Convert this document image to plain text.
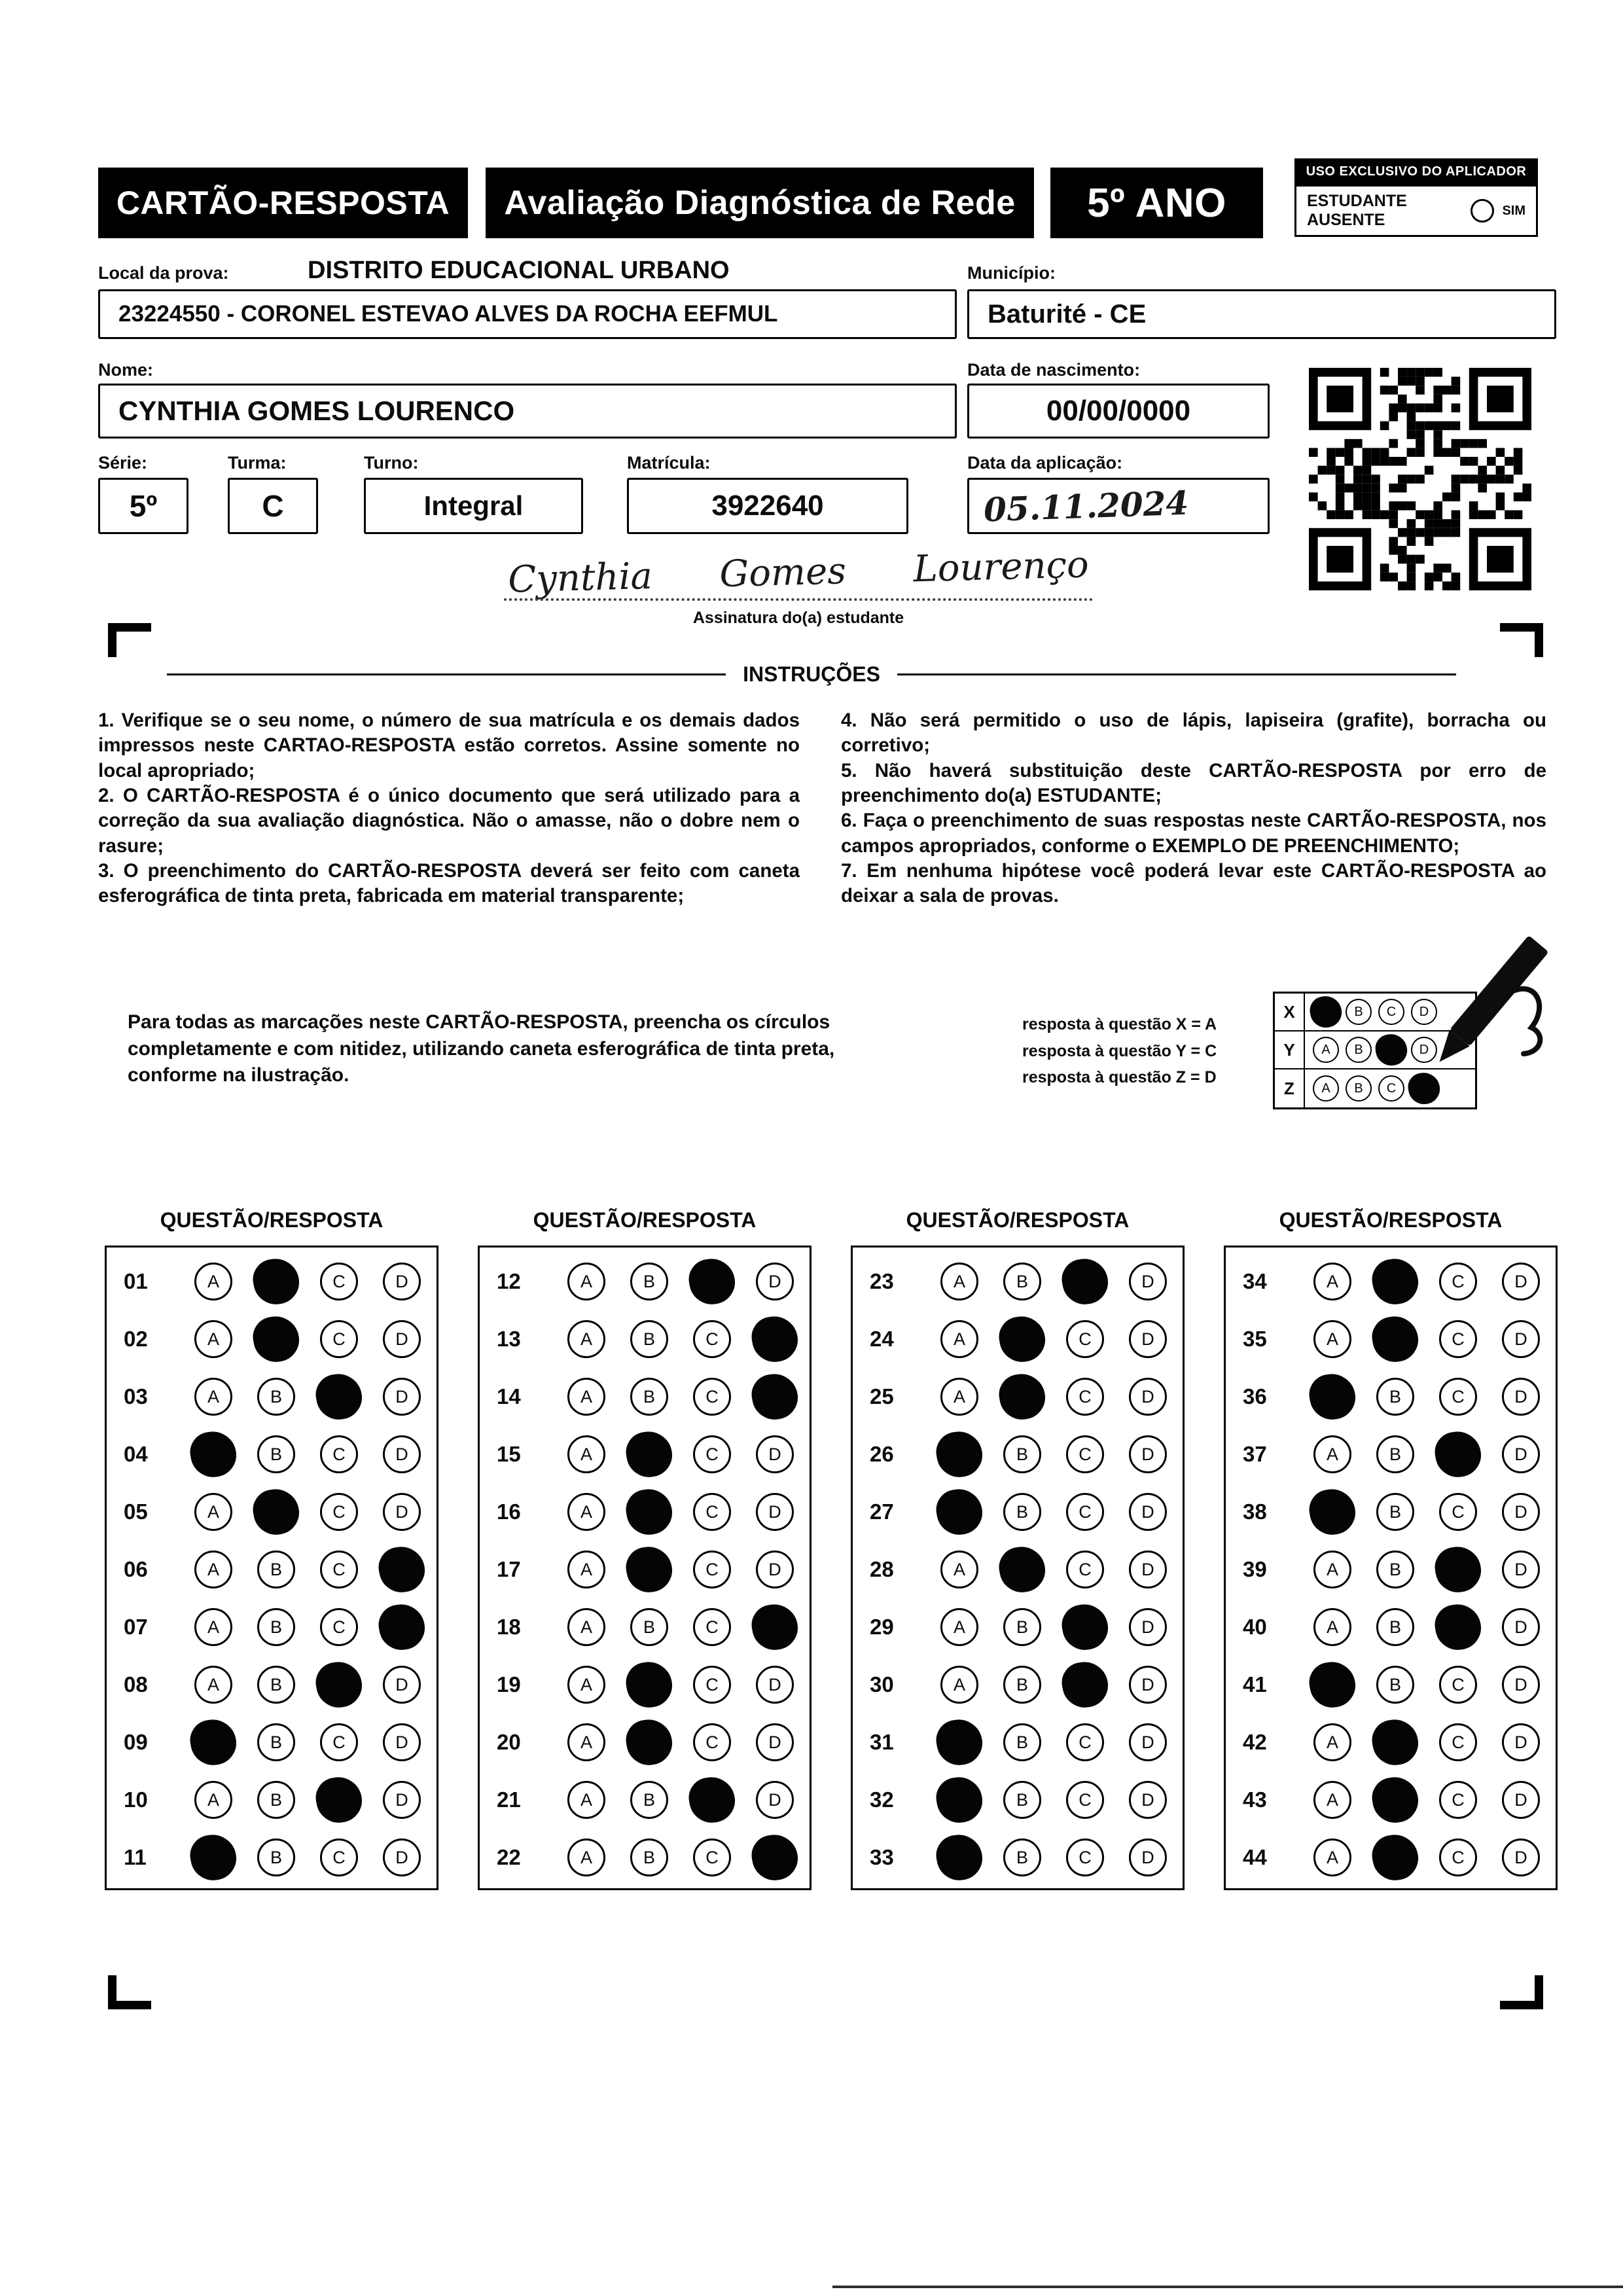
CARTÃO-RESPOSTA	Avaliação Diagnóstica de Rede	5º ANO
USO EXCLUSIVO DO APLICADOR
ESTUDANTE AUSENTE
SIM
Local da prova:	DISTRITO EDUCACIONAL URBANO
23224550 - CORONEL ESTEVAO ALVES DA ROCHA EEFMUL
Município:
Baturité - CE
Nome:
CYNTHIA GOMES LOURENCO
Data de nascimento:
00/00/0000
Série:
5º
Turma:
C
Turno:
Integral
Matrícula:
3922640
Data da aplicação:
05.11.2024
Cynthia Gomes Lourenço
Assinatura do(a) estudante
INSTRUÇÕES

1. Verifique se o seu nome, o número de sua matrícula e os demais dados impressos neste CARTAO-RESPOSTA estão corretos. Assine somente no local apropriado;

2. O CARTÃO-RESPOSTA é o único documento que será utilizado para a correção da sua avaliação diagnóstica. Não o amasse, não o dobre nem o rasure;

3. O preenchimento do CARTÃO-RESPOSTA deverá ser feito com caneta esferográfica de tinta preta, fabricada em material transparente;

4. Não será permitido o uso de lápis, lapiseira (grafite), borracha ou corretivo;

5. Não haverá substituição deste CARTÃO-RESPOSTA por erro de preenchimento do(a) ESTUDANTE;

6. Faça o preenchimento de suas respostas neste CARTÃO-RESPOSTA, nos campos apropriados, conforme o EXEMPLO DE PREENCHIMENTO;

7. Em nenhuma hipótese você poderá levar este CARTÃO-RESPOSTA ao deixar a sala de provas.

Para todas as marcações neste CARTÃO-RESPOSTA, preencha os círculos completamente e com nitidez, utilizando caneta esferográfica de tinta preta, conforme na ilustração.

resposta à questão X = A

resposta à questão Y = C

resposta à questão Z = D

X	B	C	D
Y	A	B	D
Z	A	B	C
QUESTÃO/RESPOSTA	QUESTÃO/RESPOSTA	QUESTÃO/RESPOSTA	QUESTÃO/RESPOSTA
01	A	C	D
02	A	C	D
03	A	B	D
04	B	C	D
05	A	C	D
06	A	B	C
07	A	B	C
08	A	B	D
09	B	C	D
10	A	B	D
11	B	C	D
12	A	B	D
13	A	B	C
14	A	B	C
15	A	C	D
16	A	C	D
17	A	C	D
18	A	B	C
19	A	C	D
20	A	C	D
21	A	B	D
22	A	B	C
23	A	B	D
24	A	C	D
25	A	C	D
26	B	C	D
27	B	C	D
28	A	C	D
29	A	B	D
30	A	B	D
31	B	C	D
32	B	C	D
33	B	C	D
34	A	C	D
35	A	C	D
36	B	C	D
37	A	B	D
38	B	C	D
39	A	B	D
40	A	B	D
41	B	C	D
42	A	C	D
43	A	C	D
44	A	C	D
